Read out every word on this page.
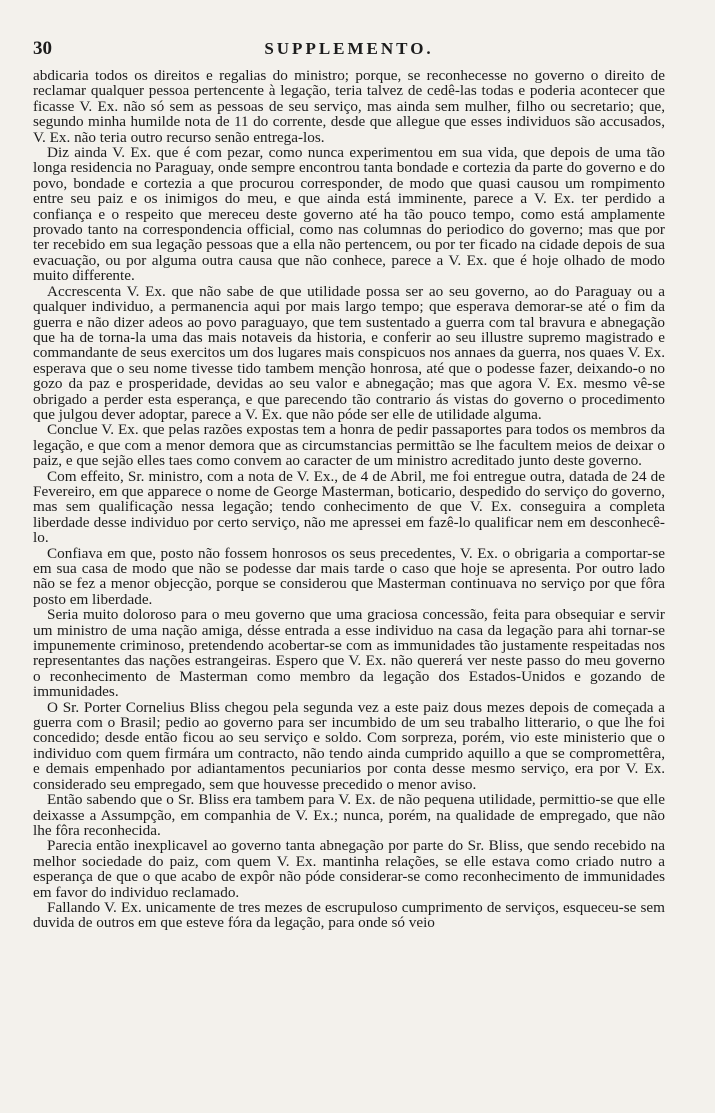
30	SUPPLEMENTO.

abdicaria todos os direitos e regalias do ministro; porque, se reconhecesse no governo o direito de reclamar qualquer pessoa pertencente à legação, teria talvez de cedê-las todas e poderia acontecer que ficasse V. Ex. não só sem as pessoas de seu serviço, mas ainda sem mulher, filho ou secretario; que, segundo minha humilde nota de 11 do corrente, desde que allegue que esses individuos são accusados, V. Ex. não teria outro recurso senão entrega-los.

Diz ainda V. Ex. que é com pezar, como nunca experimentou em sua vida, que depois de uma tão longa residencia no Paraguay, onde sempre encontrou tanta bondade e cortezia da parte do governo e do povo, bondade e cortezia a que procurou corresponder, de modo que quasi causou um rompimento entre seu paiz e os inimigos do meu, e que ainda está imminente, parece a V. Ex. ter perdido a confiança e o respeito que mereceu deste governo até ha tão pouco tempo, como está amplamente provado tanto na correspondencia official, como nas columnas do periodico do governo; mas que por ter recebido em sua legação pessoas que a ella não pertencem, ou por ter ficado na cidade depois de sua evacuação, ou por alguma outra causa que não conhece, parece a V. Ex. que é hoje olhado de modo muito differente.

Accrescenta V. Ex. que não sabe de que utilidade possa ser ao seu governo, ao do Paraguay ou a qualquer individuo, a permanencia aqui por mais largo tempo; que esperava demorar-se até o fim da guerra e não dizer adeos ao povo paraguayo, que tem sustentado a guerra com tal bravura e abnegação que ha de torna-la uma das mais notaveis da historia, e conferir ao seu illustre supremo magistrado e commandante de seus exercitos um dos lugares mais conspicuos nos annaes da guerra, nos quaes V. Ex. esperava que o seu nome tivesse tido tambem menção honrosa, até que o podesse fazer, deixando-o no gozo da paz e prosperidade, devidas ao seu valor e abnegação; mas que agora V. Ex. mesmo vê-se obrigado a perder esta esperança, e que parecendo tão contrario ás vistas do governo o procedimento que julgou dever adoptar, parece a V. Ex. que não póde ser elle de utilidade alguma.

Conclue V. Ex. que pelas razões expostas tem a honra de pedir passaportes para todos os membros da legação, e que com a menor demora que as circumstancias permittão se lhe facultem meios de deixar o paiz, e que sejão elles taes como convem ao caracter de um ministro acreditado junto deste governo.

Com effeito, Sr. ministro, com a nota de V. Ex., de 4 de Abril, me foi entregue outra, datada de 24 de Fevereiro, em que apparece o nome de George Masterman, boticario, despedido do serviço do governo, mas sem qualificação nessa legação; tendo conhecimento de que V. Ex. conseguira a completa liberdade desse individuo por certo serviço, não me apressei em fazê-lo qualificar nem em desconhecê-lo.

Confiava em que, posto não fossem honrosos os seus precedentes, V. Ex. o obrigaria a comportar-se em sua casa de modo que não se podesse dar mais tarde o caso que hoje se apresenta. Por outro lado não se fez a menor objecção, porque se considerou que Masterman continuava no serviço por que fôra posto em liberdade.

Seria muito doloroso para o meu governo que uma graciosa concessão, feita para obsequiar e servir um ministro de uma nação amiga, désse entrada a esse individuo na casa da legação para ahi tornar-se impunemente criminoso, pretendendo acobertar-se com as immunidades tão justamente respeitadas nos representantes das nações estrangeiras. Espero que V. Ex. não quererá ver neste passo do meu governo o reconhecimento de Masterman como membro da legação dos Estados-Unidos e gozando de immunidades.

O Sr. Porter Cornelius Bliss chegou pela segunda vez a este paiz dous mezes depois de começada a guerra com o Brasil; pedio ao governo para ser incumbido de um seu trabalho litterario, o que lhe foi concedido; desde então ficou ao seu serviço e soldo. Com sorpreza, porém, vio este ministerio que o individuo com quem firmára um contracto, não tendo ainda cumprido aquillo a que se compromettêra, e demais empenhado por adiantamentos pecuniarios por conta desse mesmo serviço, era por V. Ex. considerado seu empregado, sem que houvesse precedido o menor aviso.

Então sabendo que o Sr. Bliss era tambem para V. Ex. de não pequena utilidade, permittio-se que elle deixasse a Assumpção, em companhia de V. Ex.; nunca, porém, na qualidade de empregado, que não lhe fôra reconhecida.

Parecia então inexplicavel ao governo tanta abnegação por parte do Sr. Bliss, que sendo recebido na melhor sociedade do paiz, com quem V. Ex. mantinha relações, se elle estava como criado nutro a esperança de que o que acabo de expôr não póde considerar-se como reconhecimento de immunidades em favor do individuo reclamado.

Fallando V. Ex. unicamente de tres mezes de escrupuloso cumprimento de serviços, esqueceu-se sem duvida de outros em que esteve fóra da legação, para onde só veio
